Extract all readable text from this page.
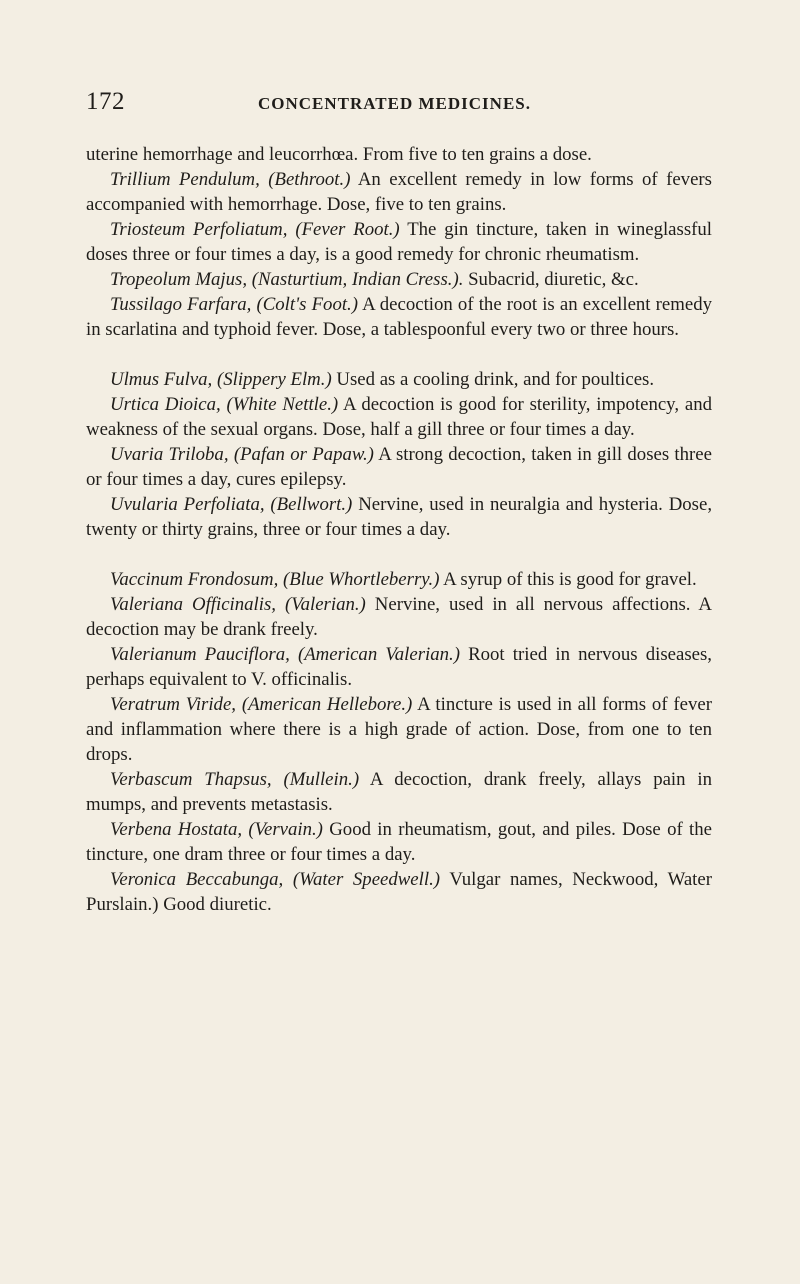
172	CONCENTRATED MEDICINES.

uterine hemorrhage and leucorrhœa. From five to ten grains a dose.

Trillium Pendulum, (Bethroot.) An excellent remedy in low forms of fevers accompanied with hemorrhage. Dose, five to ten grains.

Triosteum Perfoliatum, (Fever Root.) The gin tincture, taken in wineglassful doses three or four times a day, is a good remedy for chronic rheumatism.

Tropeolum Majus, (Nasturtium, Indian Cress.). Subacrid, diuretic, &c.

Tussilago Farfara, (Colt's Foot.) A decoction of the root is an excellent remedy in scarlatina and typhoid fever. Dose, a tablespoonful every two or three hours.

Ulmus Fulva, (Slippery Elm.) Used as a cooling drink, and for poultices.

Urtica Dioica, (White Nettle.) A decoction is good for sterility, impotency, and weakness of the sexual organs. Dose, half a gill three or four times a day.

Uvaria Triloba, (Pafan or Papaw.) A strong decoction, taken in gill doses three or four times a day, cures epilepsy.

Uvularia Perfoliata, (Bellwort.) Nervine, used in neuralgia and hysteria. Dose, twenty or thirty grains, three or four times a day.

Vaccinum Frondosum, (Blue Whortleberry.) A syrup of this is good for gravel.

Valeriana Officinalis, (Valerian.) Nervine, used in all nervous affections. A decoction may be drank freely.

Valerianum Pauciflora, (American Valerian.) Root tried in nervous diseases, perhaps equivalent to V. officinalis.

Veratrum Viride, (American Hellebore.) A tincture is used in all forms of fever and inflammation where there is a high grade of action. Dose, from one to ten drops.

Verbascum Thapsus, (Mullein.) A decoction, drank freely, allays pain in mumps, and prevents metastasis.

Verbena Hostata, (Vervain.) Good in rheumatism, gout, and piles. Dose of the tincture, one dram three or four times a day.

Veronica Beccabunga, (Water Speedwell.) Vulgar names, Neckwood, Water Purslain.) Good diuretic.
